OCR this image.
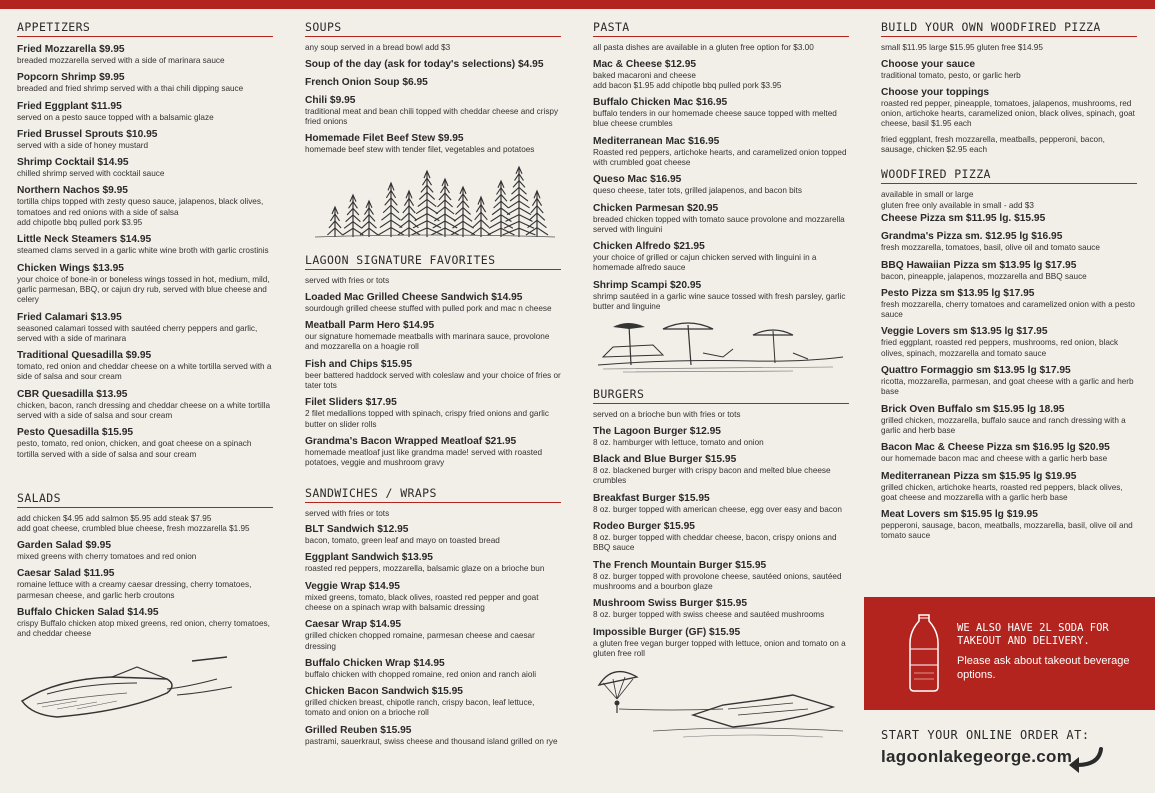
APPETIZERS
Fried Mozzarella $9.95
breaded mozzarella served with a side of marinara sauce
Popcorn Shrimp $9.95
breaded and fried shrimp served with a thai chili dipping sauce
Fried Eggplant $11.95
served on a pesto sauce topped with a balsamic glaze
Fried Brussel Sprouts $10.95
served with a side of honey mustard
Shrimp Cocktail $14.95
chilled shrimp served with cocktail sauce
Northern Nachos $9.95
tortilla chips topped with zesty queso sauce, jalapenos, black olives, tomatoes and red onions with a side of salsa
add chipotle bbq pulled pork $3.95
Little Neck Steamers $14.95
steamed clams served in a garlic white wine broth with garlic crostinis
Chicken Wings $13.95
your choice of bone-in or boneless wings tossed in hot, medium, mild, garlic parmesan, BBQ, or cajun dry rub, served with blue cheese and celery
Fried Calamari $13.95
seasoned calamari tossed with sautéed cherry peppers and garlic, served with a side of marinara
Traditional Quesadilla $9.95
tomato, red onion and cheddar cheese on a white tortilla served with a side of salsa and sour cream
CBR Quesadilla $13.95
chicken, bacon, ranch dressing and cheddar cheese on a white tortilla served with a side of salsa and sour cream
Pesto Quesadilla $15.95
pesto, tomato, red onion, chicken, and goat cheese on a spinach tortilla served with a side of salsa and sour cream
SALADS
add chicken $4.95 add salmon $5.95 add steak $7.95
add goat cheese, crumbled blue cheese, fresh mozzarella $1.95
Garden Salad $9.95
mixed greens with cherry tomatoes and red onion
Caesar Salad $11.95
romaine lettuce with a creamy caesar dressing, cherry tomatoes, parmesan cheese, and garlic herb croutons
Buffalo Chicken Salad $14.95
crispy Buffalo chicken atop mixed greens, red onion, cherry tomatoes, and cheddar cheese
SOUPS
any soup served in a bread bowl add $3
Soup of the day (ask for today's selections) $4.95
French Onion Soup $6.95
Chili $9.95
traditional meat and bean chili topped with cheddar cheese and crispy fried onions
Homemade Filet Beef Stew $9.95
homemade beef stew with tender filet, vegetables and potatoes
LAGOON SIGNATURE FAVORITES
served with fries or tots
Loaded Mac Grilled Cheese Sandwich $14.95
sourdough grilled cheese stuffed with pulled pork and mac n cheese
Meatball Parm Hero $14.95
our signature homemade meatballs with marinara sauce, provolone and mozzarella on a hoagie roll
Fish and Chips $15.95
beer battered haddock served with coleslaw and your choice of fries or tater tots
Filet Sliders $17.95
2 filet medallions topped with spinach, crispy fried onions and garlic butter on slider rolls
Grandma's Bacon Wrapped Meatloaf $21.95
homemade meatloaf just like grandma made! served with roasted potatoes, veggie and mushroom gravy
SANDWICHES / WRAPS
served with fries or tots
BLT Sandwich $12.95
bacon, tomato, green leaf and mayo on toasted bread
Eggplant Sandwich $13.95
roasted red peppers, mozzarella, balsamic glaze on a brioche bun
Veggie Wrap $14.95
mixed greens, tomato, black olives, roasted red pepper and goat cheese on a spinach wrap with balsamic dressing
Caesar Wrap $14.95
grilled chicken chopped romaine, parmesan cheese and caesar dressing
Buffalo Chicken Wrap $14.95
buffalo chicken with chopped romaine, red onion and ranch aioli
Chicken Bacon Sandwich $15.95
grilled chicken breast, chipotle ranch, crispy bacon, leaf lettuce, tomato and onion on a brioche roll
Grilled Reuben $15.95
pastrami, sauerkraut, swiss cheese and thousand island grilled on rye
PASTA
all pasta dishes are available in a gluten free option for $3.00
Mac & Cheese $12.95
baked macaroni and cheese
add bacon $1.95 add chipotle bbq pulled pork $3.95
Buffalo Chicken Mac $16.95
buffalo tenders in our homemade cheese sauce topped with melted blue cheese crumbles
Mediterranean Mac $16.95
Roasted red peppers, artichoke hearts, and caramelized onion topped with crumbled goat cheese
Queso Mac $16.95
queso cheese, tater tots, grilled jalapenos, and bacon bits
Chicken Parmesan $20.95
breaded chicken topped with tomato sauce provolone and mozzarella served with linguini
Chicken Alfredo $21.95
your choice of grilled or cajun chicken served with linguini in a homemade alfredo sauce
Shrimp Scampi $20.95
shrimp sautéed in a garlic wine sauce tossed with fresh parsley, garlic butter and linguine
BURGERS
served on a brioche bun with fries or tots
The Lagoon Burger $12.95
8 oz. hamburger with lettuce, tomato and onion
Black and Blue Burger $15.95
8 oz. blackened burger with crispy bacon and melted blue cheese crumbles
Breakfast Burger $15.95
8 oz. burger topped with american cheese, egg over easy and bacon
Rodeo Burger $15.95
8 oz. burger topped with cheddar cheese, bacon, crispy onions and BBQ sauce
The French Mountain Burger $15.95
8 oz. burger topped with provolone cheese, sautéed onions, sautéed mushrooms and a bourbon glaze
Mushroom Swiss Burger $15.95
8 oz. burger topped with swiss cheese and sautéed mushrooms
Impossible Burger (GF) $15.95
a gluten free vegan burger topped with lettuce, onion and tomato on a gluten free roll
BUILD YOUR OWN WOODFIRED PIZZA
small $11.95 large $15.95 gluten free $14.95
Choose your sauce
traditional tomato, pesto, or garlic herb
Choose your toppings
roasted red pepper, pineapple, tomatoes, jalapenos, mushrooms, red onion, artichoke hearts, caramelized onion, black olives, spinach, goat cheese, basil $1.95 each
fried eggplant, fresh mozzarella, meatballs, pepperoni, bacon, sausage, chicken $2.95 each
WOODFIRED PIZZA
available in small or large
gluten free only available in small - add $3
Cheese Pizza sm $11.95 lg. $15.95
Grandma's Pizza sm. $12.95 lg $16.95
fresh mozzarella, tomatoes, basil, olive oil and tomato sauce
BBQ Hawaiian Pizza sm $13.95 lg $17.95
bacon, pineapple, jalapenos, mozzarella and BBQ sauce
Pesto Pizza sm $13.95 lg $17.95
fresh mozzarella, cherry tomatoes and caramelized onion with a pesto sauce
Veggie Lovers sm $13.95 lg $17.95
fried eggplant, roasted red peppers, mushrooms, red onion, black olives, spinach, mozzarella and tomato sauce
Quattro Formaggio sm $13.95 lg $17.95
ricotta, mozzarella, parmesan, and goat cheese with a garlic and herb base
Brick Oven Buffalo sm $15.95 lg 18.95
grilled chicken, mozzarella, buffalo sauce and ranch dressing with a garlic and herb base
Bacon Mac & Cheese Pizza sm $16.95 lg $20.95
our homemade bacon mac and cheese with a garlic herb base
Mediterranean Pizza sm $15.95 lg $19.95
grilled chicken, artichoke hearts, roasted red peppers, black olives, goat cheese and mozzarella with a garlic herb base
Meat Lovers sm $15.95 lg $19.95
pepperoni, sausage, bacon, meatballs, mozzarella, basil, olive oil and tomato sauce
WE ALSO HAVE 2L SODA FOR TAKEOUT AND DELIVERY.
Please ask about takeout beverage options.
START YOUR ONLINE ORDER AT:
lagoonlakegeorge.com
